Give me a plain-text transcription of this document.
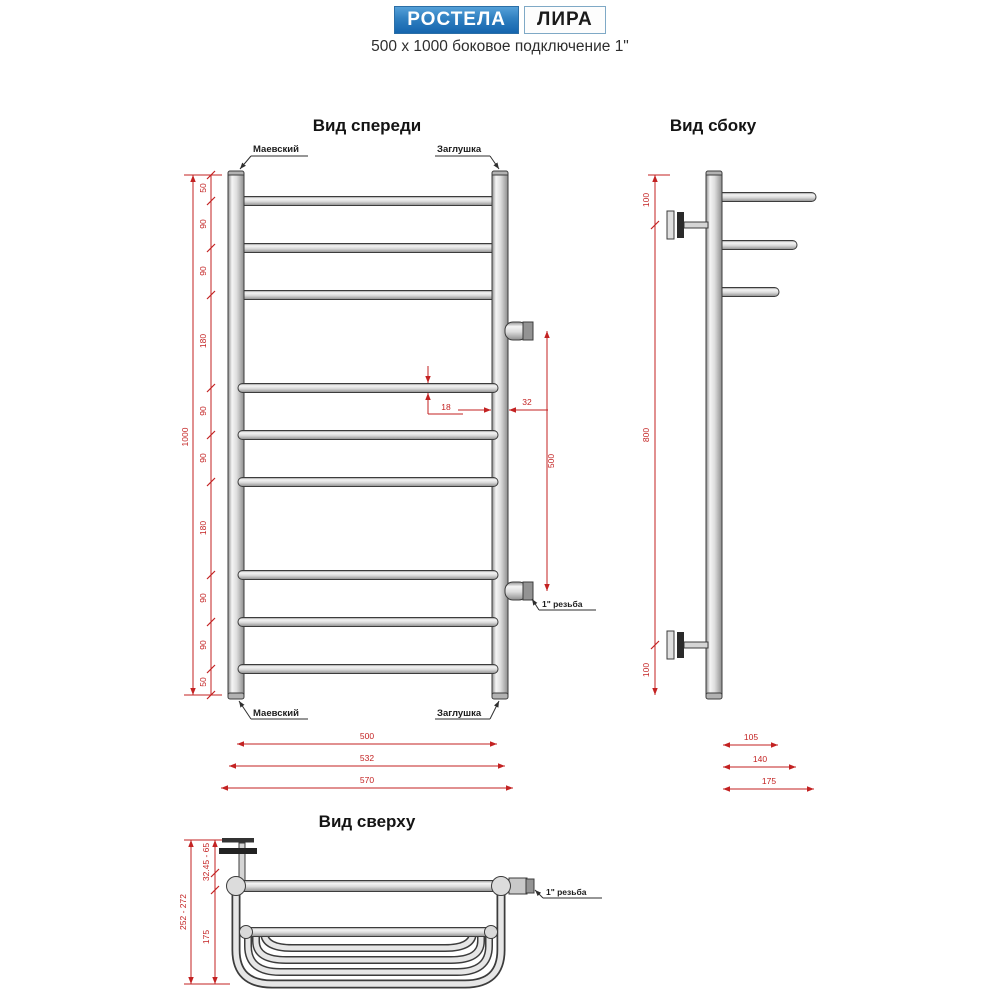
РОСТЕЛА	ЛИРА
500 x 1000 боковое подключение 1"
Вид спереди
Маевский	Заглушка
1000
50
90
90
180
90
90
180
90
90
50
18	32
500
1" резьба
Маевский	Заглушка
500
532
570
Вид сбоку
100
800
100
105
140
175
Вид сверху
1" резьба
252 - 272
32.45 - 65
175
